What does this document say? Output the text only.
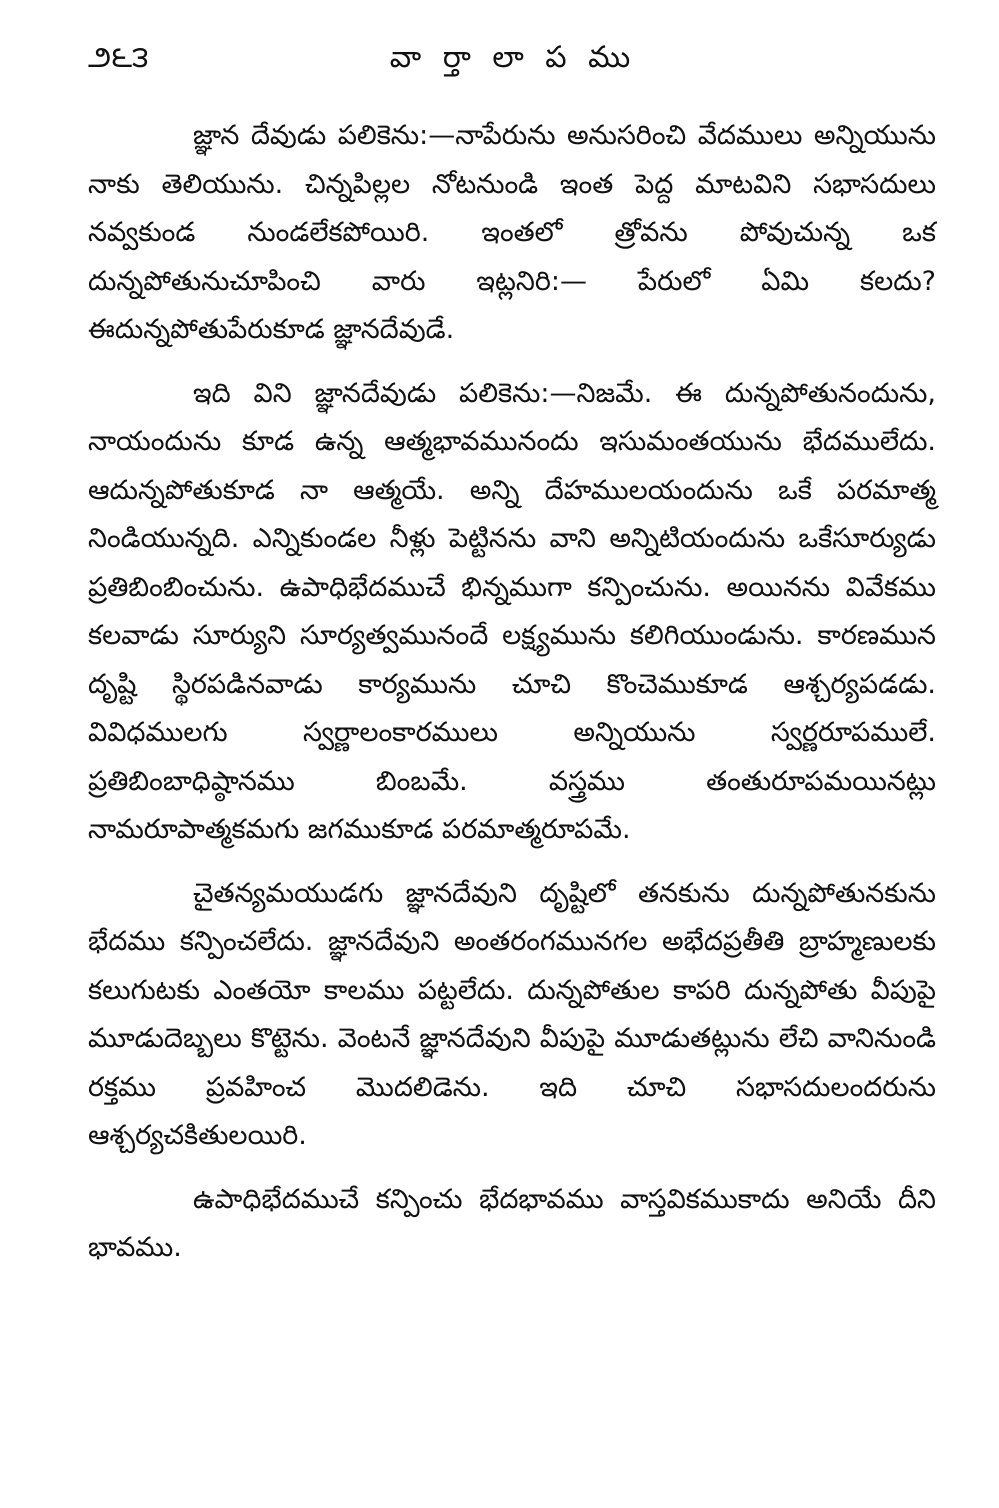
౨౬౩	వా ర్తా లా ప ము

జ్ఞాన దేవుడు పలికెను:—నాపేరును అనుసరించి వేదములు అన్నియును నాకు తెలియును. చిన్నపిల్లల నోటనుండి ఇంత పెద్ద మాటవిని సభాసదులు నవ్వకుండ నుండలేకపోయిరి. ఇంతలో త్రోవను పోవుచున్న ఒక దున్నపోతునుచూపించి వారు ఇట్లనిరి:— పేరులో ఏమి కలదు? ఈదున్నపోతుపేరుకూడ జ్ఞానదేవుడే.

ఇది విని జ్ఞానదేవుడు పలికెను:—నిజమే. ఈ దున్నపోతునందును, నాయందును కూడ ఉన్న ఆత్మభావమునందు ఇసుమంతయును భేదములేదు. ఆదున్నపోతుకూడ నా ఆత్మయే. అన్ని దేహములయందును ఒకే పరమాత్మ నిండియున్నది. ఎన్నికుండల నీళ్లు పెట్టినను వాని అన్నిటియందును ఒకేసూర్యుడు ప్రతిబింబించును. ఉపాధిభేదముచే భిన్నముగా కన్పించును. అయినను వివేకము కలవాడు సూర్యుని సూర్యత్వమునందే లక్ష్యమును కలిగియుండును. కారణమున దృష్టి స్థిరపడినవాడు కార్యమును చూచి కొంచెముకూడ ఆశ్చర్యపడడు. వివిధములగు స్వర్ణాలంకారములు అన్నియును స్వర్ణరూపములే. ప్రతిబింబాధిష్ఠానము బింబమే. వస్త్రము తంతురూపమయినట్లు నామరూపాత్మకమగు జగముకూడ పరమాత్మరూపమే.

చైతన్యమయుడగు జ్ఞానదేవుని దృష్టిలో తనకును దున్నపోతునకును భేదము కన్పించలేదు. జ్ఞానదేవుని అంతరంగమునగల అభేదప్రతీతి బ్రాహ్మణులకు కలుగుటకు ఎంతయో కాలము పట్టలేదు. దున్నపోతుల కాపరి దున్నపోతు వీపుపై మూడుదెబ్బలు కొట్టెను. వెంటనే జ్ఞానదేవుని వీపుపై మూడుతట్లును లేచి వానినుండి రక్తము ప్రవహించ మొదలిడెను. ఇది చూచి సభాసదులందరును ఆశ్చర్యచకితులయిరి.

ఉపాధిభేదముచే కన్పించు భేదభావము వాస్తవికముకాదు అనియే దీని భావము.
